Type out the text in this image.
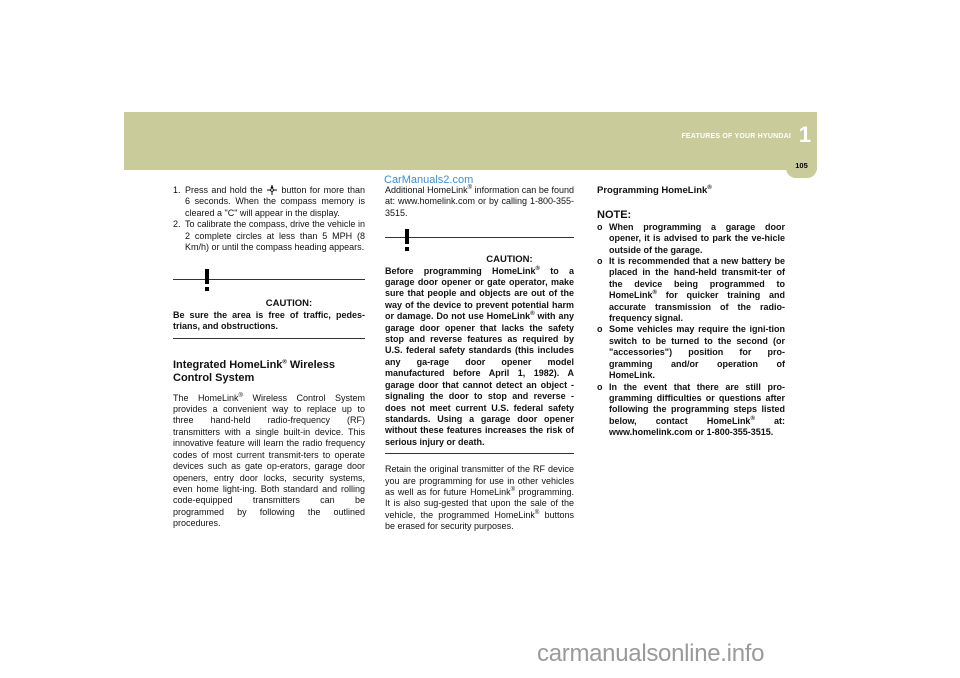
FEATURES OF YOUR HYUNDAI 1
105
CarManuals2.com
1. Press and hold the  button for more than 6 seconds. When the compass memory is cleared a "C" will appear in the display.
2. To calibrate the compass, drive the vehicle in 2 complete circles at less than 5 MPH (8 Km/h) or until the compass heading appears.
CAUTION:
Be sure the area is free of traffic, pedes-trians, and obstructions.
Integrated HomeLink® Wireless Control System

The HomeLink® Wireless Control System provides a convenient way to replace up to three hand-held radio-frequency (RF) transmitters with a single built-in device. This innovative feature will learn the radio frequency codes of most current transmit-ters to operate devices such as gate op-erators, garage door openers, entry door locks, security systems, even home light-ing. Both standard and rolling code-equipped transmitters can be programmed by following the outlined procedures.

Additional HomeLink® information can be found at: www.homelink.com or by calling 1-800-355-3515.

CAUTION:
Before programming HomeLink® to a garage door opener or gate operator, make sure that people and objects are out of the way of the device to prevent potential harm or damage. Do not use HomeLink® with any garage door opener that lacks the safety stop and reverse features as required by U.S. federal safety standards (this includes any ga-rage door opener model manufactured before April 1, 1982). A garage door that cannot detect an object - signaling the door to stop and reverse - does not meet current U.S. federal safety standards. Using a garage door opener without these features increases the risk of serious injury or death.

Retain the original transmitter of the RF device you are programming for use in other vehicles as well as for future HomeLink® programming. It is also sug-gested that upon the sale of the vehicle, the programmed HomeLink® buttons be erased for security purposes.

Programming HomeLink®
NOTE:
o When programming a garage door opener, it is advised to park the ve-hicle outside of the garage.
o It is recommended that a new battery be placed in the hand-held transmit-ter of the device being programmed to HomeLink® for quicker training and accurate transmission of the radio-frequency signal.
o Some vehicles may require the igni-tion switch to be turned to the second (or "accessories") position for pro-gramming and/or operation of HomeLink.
o In the event that there are still pro-gramming difficulties or questions after following the programming steps listed below, contact HomeLink® at: www.homelink.com or 1-800-355-3515.
carmanualsonline.info
